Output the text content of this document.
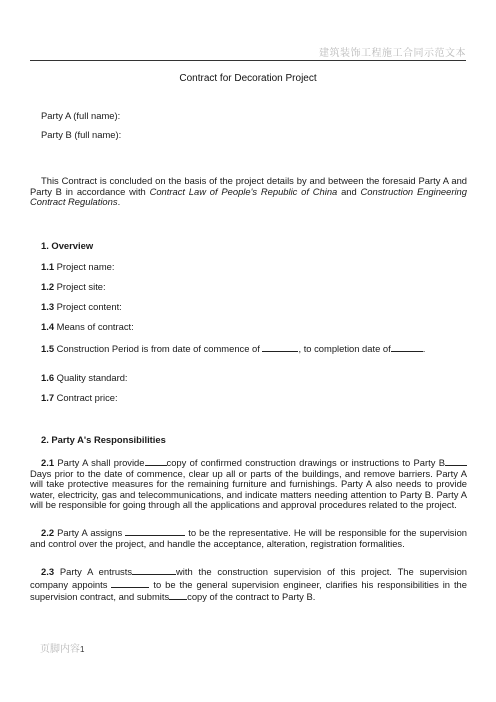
建筑装饰工程施工合同示范文本
Contract for Decoration Project
Party A (full name):
Party B (full name):
This Contract is concluded on the basis of the project details by and between the foresaid Party A and Party B in accordance with Contract Law of People's Republic of China and Construction Engineering Contract Regulations.
1. Overview
1.1 Project name:
1.2 Project site:
1.3 Project content:
1.4 Means of contract:
1.5 Construction Period is from date of commence of	, to completion date of	.
1.6 Quality standard:
1.7 Contract price:
2. Party A's Responsibilities
2.1 Party A shall provide copy of confirmed construction drawings or instructions to Party BDays prior to the date of commence, clear up all or parts of the buildings, and remove barriers. Party A will take protective measures for the remaining furniture and furnishings. Party A also needs to provide water, electricity, gas and telecommunications, and indicate matters needing attention to Party B. Party A will be responsible for going through all the applications and approval procedures related to the project.
2.2 Party A assigns	to be the representative. He will be responsible for the supervision and control over the project, and handle the acceptance, alteration, registration formalities.
2.3 Party A entrusts	with the construction supervision of this project. The supervision company appoints	to be the general supervision engineer, clarifies his responsibilities in the supervision contract, and submits copy of the contract to Party B.
页脚内容1
